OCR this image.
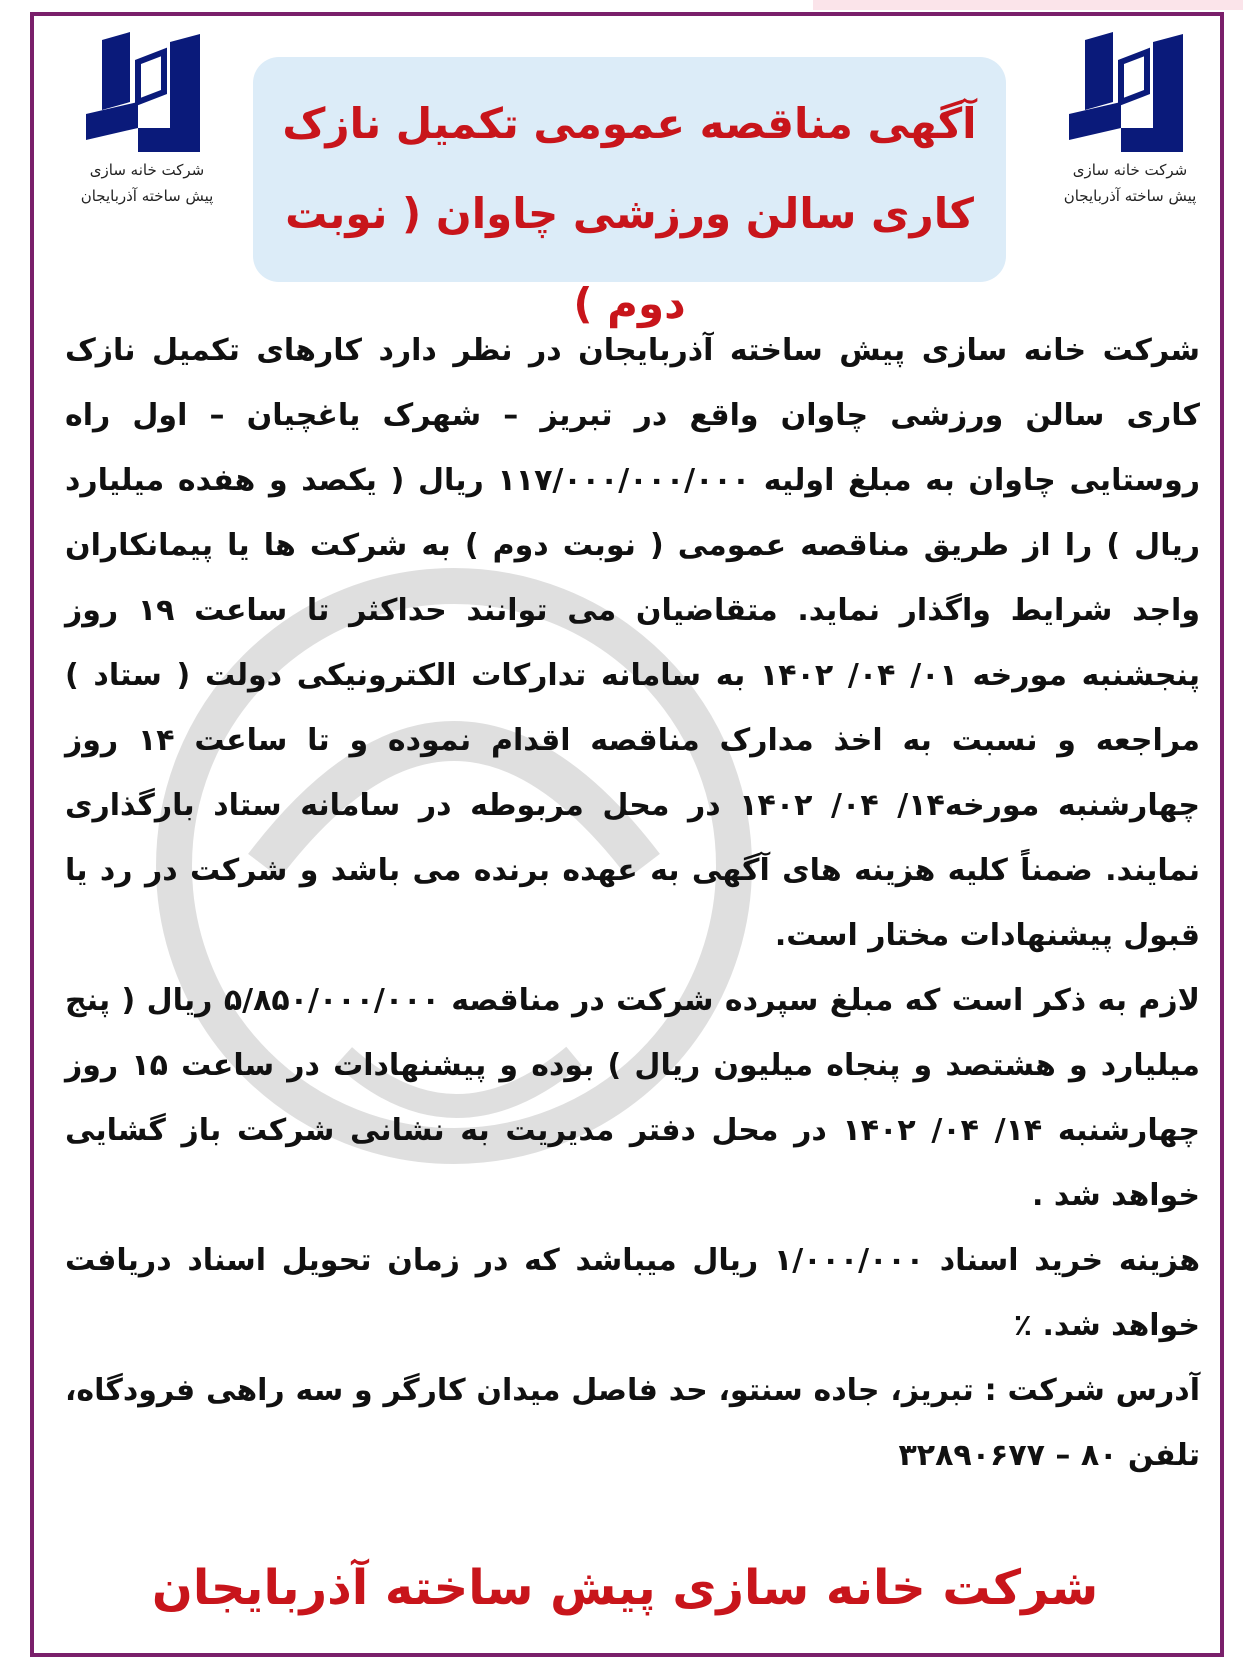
شرکت خانه سازی
پیش ساخته آذربایجان
شرکت خانه سازی
پیش ساخته آذربایجان
آگهی مناقصه عمومی تکمیل نازک
کاری سالن ورزشی چاوان ( نوبت دوم )

شرکت خانه سازی پیش ساخته آذربایجان در نظر دارد کارهای تکمیل نازک کاری سالن ورزشی چاوان واقع در تبریز – شهرک یاغچیان – اول راه روستایی چاوان به مبلغ اولیه ۱۱۷/۰۰۰/۰۰۰/۰۰۰ ریال ( یکصد و هفده میلیارد ریال ) را از طریق مناقصه عمومی ( نوبت دوم ) به شرکت ها یا پیمانکاران واجد شرایط واگذار نماید. متقاضیان می توانند حداکثر تا ساعت ۱۹ روز پنجشنبه مورخه ۰۱/ ۰۴/ ۱۴۰۲ به سامانه تدارکات الکترونیکی دولت ( ستاد ) مراجعه و نسبت به اخذ مدارک مناقصه اقدام نموده و تا ساعت ۱۴ روز چهارشنبه مورخه۱۴/ ۰۴/ ۱۴۰۲ در محل مربوطه در سامانه ستاد بارگذاری نمایند. ضمناً کلیه هزینه های آگهی به عهده برنده می باشد و شرکت در رد یا قبول پیشنهادات مختار است.

لازم به ذکر است که مبلغ سپرده شرکت در مناقصه ۵/۸۵۰/۰۰۰/۰۰۰ ریال ( پنج میلیارد و هشتصد و پنجاه میلیون ریال ) بوده و پیشنهادات در ساعت ۱۵ روز چهارشنبه ۱۴/ ۰۴/ ۱۴۰۲ در محل دفتر مدیریت به نشانی شرکت باز گشایی خواهد شد .

هزینه خرید اسناد ۱/۰۰۰/۰۰۰ ریال میباشد که در زمان تحویل اسناد دریافت خواهد شد. ٪

آدرس شرکت : تبریز، جاده سنتو، حد فاصل میدان کارگر و سه راهی فرودگاه، تلفن ۸۰ – ۳۲۸۹۰۶۷۷

شرکت خانه سازی پیش ساخته آذربایجان
